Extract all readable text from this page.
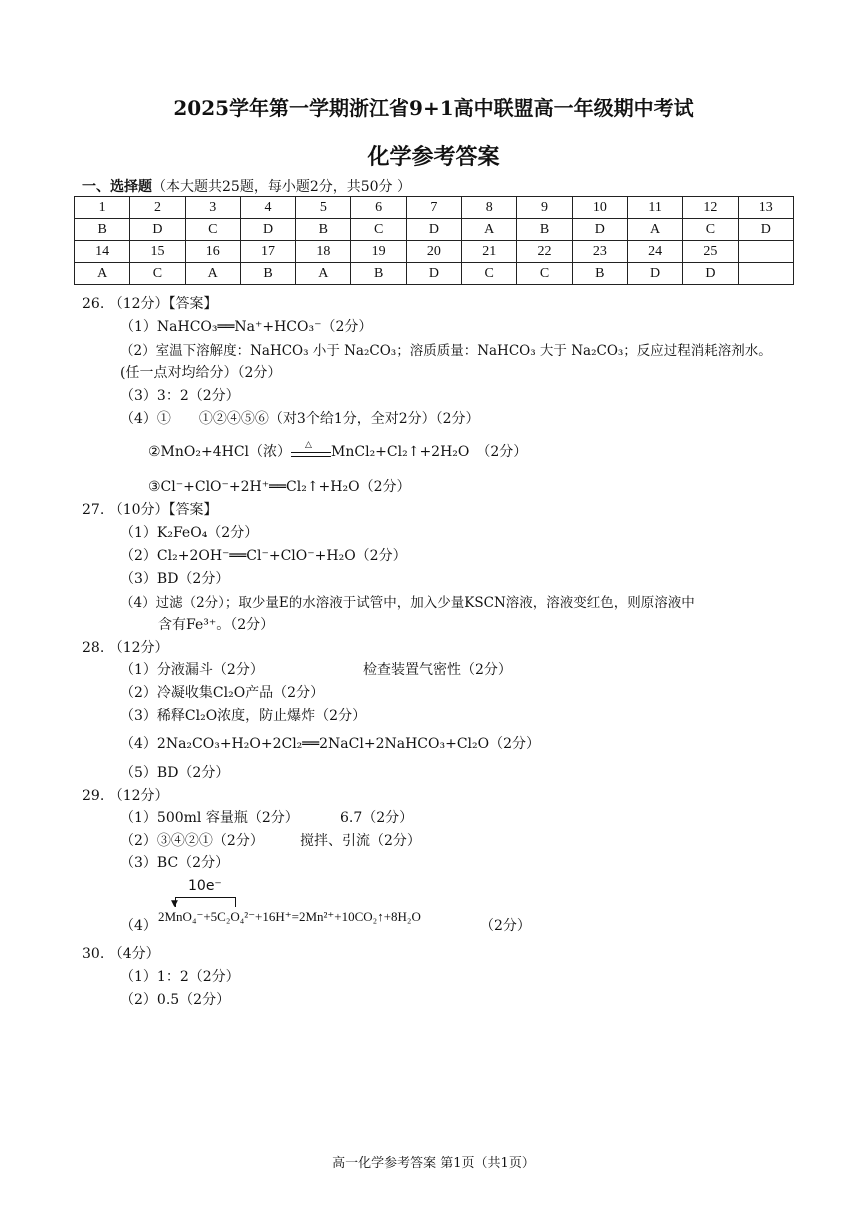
2025学年第一学期浙江省9+1高中联盟高一年级期中考试
化学参考答案
一、选择题（本大题共25题，每小题2分，共50分 ）
1	2	3	4	5	6	7	8	9	10	11	12	13
B	D	C	D	B	C	D	A	B	D	A	C	D
14	15	16	17	18	19	20	21	22	23	24	25	
A	C	A	B	A	B	D	C	C	B	D	D	
26. （12分）【答案】
（1）NaHCO₃══Na⁺+HCO₃⁻（2分）
（2）室温下溶解度：NaHCO₃ 小于 Na₂CO₃；溶质质量：NaHCO₃ 大于 Na₂CO₃；反应过程消耗溶剂水。
(任一点对均给分）（2分）
（3）3：2（2分）
（4）①　　①②④⑤⑥（对3个给1分，全对2分）（2分）
②MnO₂+4HCl（浓） △ MnCl₂+Cl₂↑+2H₂O　（2分）
③Cl⁻+ClO⁻+2H⁺══Cl₂↑+H₂O（2分）
27. （10分）【答案】
（1）K₂FeO₄（2分）
（2）Cl₂+2OH⁻══Cl⁻+ClO⁻+H₂O（2分）
（3）BD（2分）
（4）过滤（2分）；取少量E的水溶液于试管中，加入少量KSCN溶液，溶液变红色，则原溶液中
含有Fe³⁺。（2分）
28. （12分）
（1）分液漏斗（2分）	检查装置气密性（2分）
（2）冷凝收集Cl₂O产品（2分）
（3）稀释Cl₂O浓度，防止爆炸（2分）
（4）2Na₂CO₃+H₂O+2Cl₂══2NaCl+2NaHCO₃+Cl₂O（2分）
（5）BD（2分）
29. （12分）
（1）500ml 容量瓶（2分）	6.7（2分）
（2）③④②①（2分）	搅拌、引流（2分）
（3）BC（2分）
10e⁻
▼
（4）
2MnO₄⁻+5C₂O₄²⁻+16H⁺=2Mn²⁺+10CO₂↑+8H₂O
（2分）
30. （4分）
（1）1：2（2分）
（2）0.5（2分）
高一化学参考答案 第1页（共1页）
